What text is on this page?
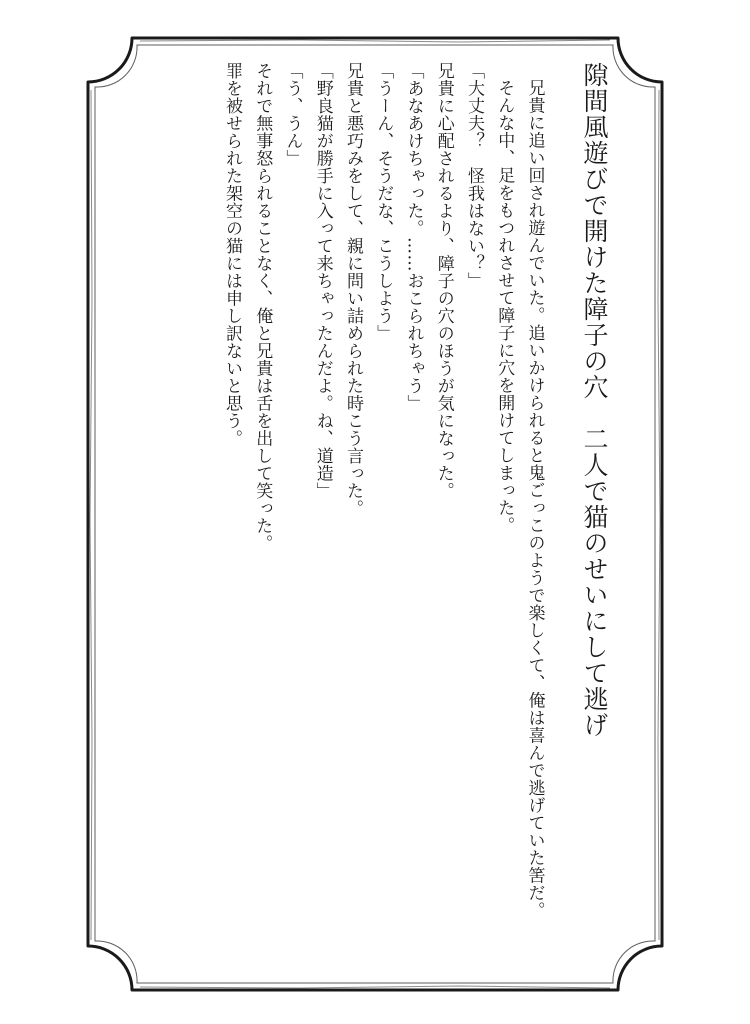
隙間風遊びで開けた障子の穴　二人で猫のせいにして逃げ

兄貴に追い回され遊んでいた。追いかけられると鬼ごっこのようで楽しくて、俺は喜んで逃げていた筈だ。

そんな中、足をもつれさせて障子に穴を開けてしまった。

「大丈夫？　怪我はない？」

兄貴に心配されるより、障子の穴のほうが気になった。

「あなあけちゃった。……おこられちゃう」

「うーん、そうだな、こうしよう」

兄貴と悪巧みをして、親に問い詰められた時こう言った。

「野良猫が勝手に入って来ちゃったんだよ。ね、道造」

「う、うん」

それで無事怒られることなく、俺と兄貴は舌を出して笑った。

罪を被せられた架空の猫には申し訳ないと思う。
